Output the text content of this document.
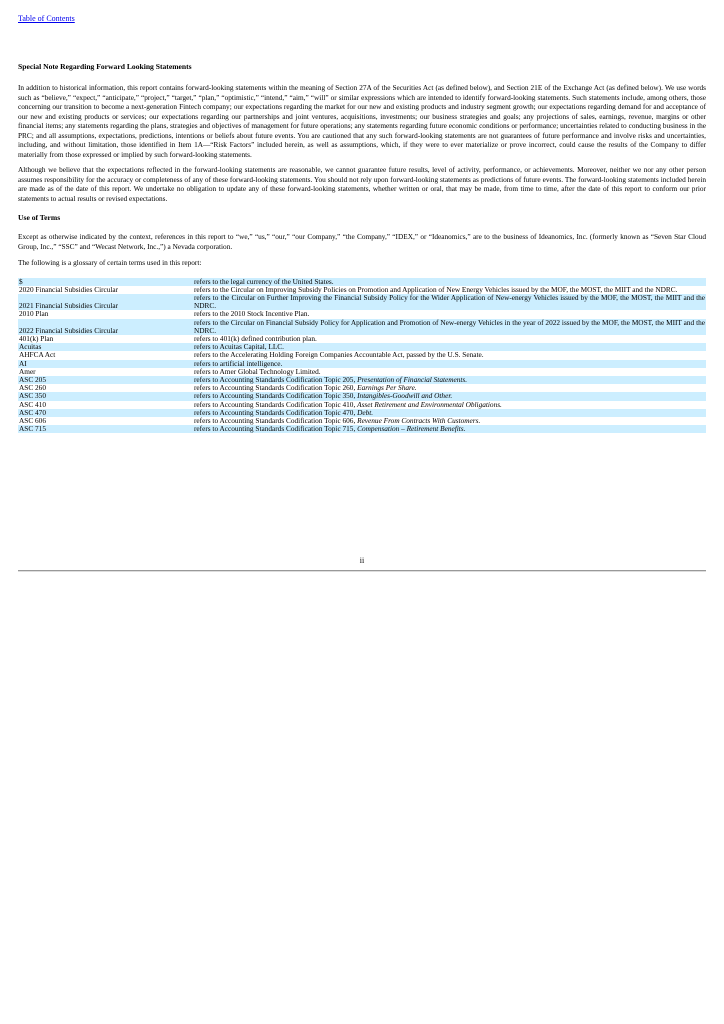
Table of Contents
Special Note Regarding Forward Looking Statements

In addition to historical information, this report contains forward-looking statements within the meaning of Section 27A of the Securities Act (as defined below), and Section 21E of the Exchange Act (as defined below). We use words such as “believe,” “expect,” “anticipate,” “project,” “target,” “plan,” “optimistic,” “intend,” “aim,” “will” or similar expressions which are intended to identify forward-looking statements. Such statements include, among others, those concerning our transition to become a next-generation Fintech company; our expectations regarding the market for our new and existing products and industry segment growth; our expectations regarding demand for and acceptance of our new and existing products or services; our expectations regarding our partnerships and joint ventures, acquisitions, investments; our business strategies and goals; any projections of sales, earnings, revenue, margins or other financial items; any statements regarding the plans, strategies and objectives of management for future operations; any statements regarding future economic conditions or performance; uncertainties related to conducting business in the PRC; and all assumptions, expectations, predictions, intentions or beliefs about future events. You are cautioned that any such forward-looking statements are not guarantees of future performance and involve risks and uncertainties, including, and without limitation, those identified in Item 1A—“Risk Factors” included herein, as well as assumptions, which, if they were to ever materialize or prove incorrect, could cause the results of the Company to differ materially from those expressed or implied by such forward-looking statements.

Although we believe that the expectations reflected in the forward-looking statements are reasonable, we cannot guarantee future results, level of activity, performance, or achievements. Moreover, neither we nor any other person assumes responsibility for the accuracy or completeness of any of these forward-looking statements. You should not rely upon forward-looking statements as predictions of future events. The forward-looking statements included herein are made as of the date of this report. We undertake no obligation to update any of these forward-looking statements, whether written or oral, that may be made, from time to time, after the date of this report to conform our prior statements to actual results or revised expectations.

Use of Terms

Except as otherwise indicated by the context, references in this report to “we,” “us,” “our,” “our Company,” “the Company,” “IDEX,” or “Ideanomics,” are to the business of Ideanomics, Inc. (formerly known as “Seven Star Cloud Group, Inc.,” “SSC” and “Wecast Network, Inc.,”) a Nevada corporation.

The following is a glossary of certain terms used in this report:

$	refers to the legal currency of the United States.
2020 Financial Subsidies Circular	refers to the Circular on Improving Subsidy Policies on Promotion and Application of New Energy Vehicles issued by the MOF, the MOST, the MIIT and the NDRC.
2021 Financial Subsidies Circular	refers to the Circular on Further Improving the Financial Subsidy Policy for the Wider Application of New-energy Vehicles issued by the MOF, the MOST, the MIIT and the NDRC.
2010 Plan	refers to the 2010 Stock Incentive Plan.
2022 Financial Subsidies Circular	refers to the Circular on Financial Subsidy Policy for Application and Promotion of New-energy Vehicles in the year of 2022 issued by the MOF, the MOST, the MIIT and the NDRC.
401(k) Plan	refers to 401(k) defined contribution plan.
Acuitas	refers to Acuitas Capital, LLC.
AHFCA Act	refers to the Accelerating Holding Foreign Companies Accountable Act, passed by the U.S. Senate.
AI	refers to artificial intelligence.
Amer	refers to Amer Global Technology Limited.
ASC 205	refers to Accounting Standards Codification Topic 205, Presentation of Financial Statements.
ASC 260	refers to Accounting Standards Codification Topic 260, Earnings Per Share.
ASC 350	refers to Accounting Standards Codification Topic 350, Intangibles-Goodwill and Other.
ASC 410	refers to Accounting Standards Codification Topic 410, Asset Retirement and Environmental Obligations.
ASC 470	refers to Accounting Standards Codification Topic 470, Debt.
ASC 606	refers to Accounting Standards Codification Topic 606, Revenue From Contracts With Customers.
ASC 715	refers to Accounting Standards Codification Topic 715, Compensation – Retirement Benefits.
ii
